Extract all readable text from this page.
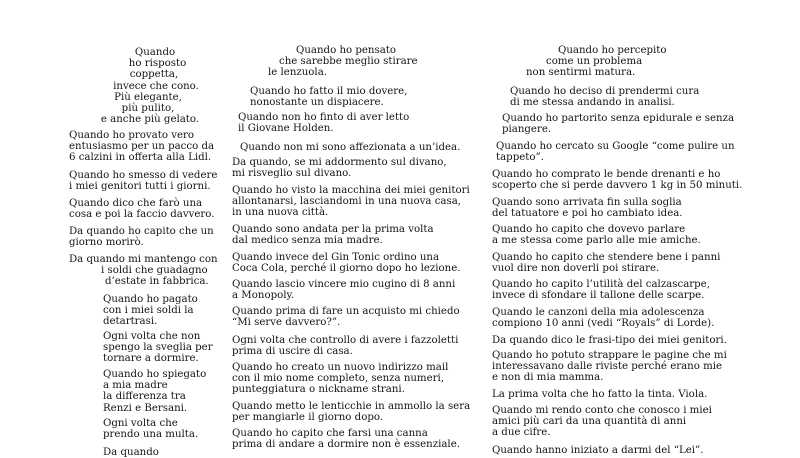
Quando
ho risposto
coppetta,
invece che cono.
Più elegante,
più pulito,
e anche più gelato.
Quando ho provato vero
entusiasmo per un pacco da
6 calzini in offerta alla Lidl.
Quando ho smesso di vedere
i miei genitori tutti i giorni.
Quando dico che farò una
cosa e poi la faccio davvero.
Da quando ho capito che un
giorno morirò.
Da quando mi mantengo con
i soldi che guadagno
d’estate in fabbrica.
Quando ho pagato
con i miei soldi la
detartrasi.
Ogni volta che non
spengo la sveglia per
tornare a dormire.
Quando ho spiegato
a mia madre
la differenza tra
Renzi e Bersani.
Ogni volta che
prendo una multa.
Da quando
Quando ho pensato
che sarebbe meglio stirare
le lenzuola.
Quando ho fatto il mio dovere,
nonostante un dispiacere.
Quando non ho finto di aver letto
il Giovane Holden.
Quando non mi sono affezionata a un’idea.
Da quando, se mi addormento sul divano,
mi risveglio sul divano.
Quando ho visto la macchina dei miei genitori
allontanarsi, lasciandomi in una nuova casa,
in una nuova città.
Quando sono andata per la prima volta
dal medico senza mia madre.
Quando invece del Gin Tonic ordino una
Coca Cola, perché il giorno dopo ho lezione.
Quando lascio vincere mio cugino di 8 anni
a Monopoly.
Quando prima di fare un acquisto mi chiedo
“Mi serve davvero?”.
Ogni volta che controllo di avere i fazzoletti
prima di uscire di casa.
Quando ho creato un nuovo indirizzo mail
con il mio nome completo, senza numeri,
punteggiatura o nickname strani.
Quando metto le lenticchie in ammollo la sera
per mangiarle il giorno dopo.
Quando ho capito che farsi una canna
prima di andare a dormire non è essenziale.
Quando ho percepito
come un problema
non sentirmi matura.
Quando ho deciso di prendermi cura
di me stessa andando in analisi.
Quando ho partorito senza epidurale e senza
piangere.
Quando ho cercato su Google “come pulire un
tappeto”.
Quando ho comprato le bende drenanti e ho
scoperto che si perde davvero 1 kg in 50 minuti.
Quando sono arrivata fin sulla soglia
del tatuatore e poi ho cambiato idea.
Quando ho capito che dovevo parlare
a me stessa come parlo alle mie amiche.
Quando ho capito che stendere bene i panni
vuol dire non doverli poi stirare.
Quando ho capito l’utilità del calzascarpe,
invece di sfondare il tallone delle scarpe.
Quando le canzoni della mia adolescenza
compiono 10 anni (vedi “Royals” di Lorde).
Da quando dico le frasi-tipo dei miei genitori.
Quando ho potuto strappare le pagine che mi
interessavano dalle riviste perché erano mie
e non di mia mamma.
La prima volta che ho fatto la tinta. Viola.
Quando mi rendo conto che conosco i miei
amici più cari da una quantità di anni
a due cifre.
Quando hanno iniziato a darmi del “Lei”.
